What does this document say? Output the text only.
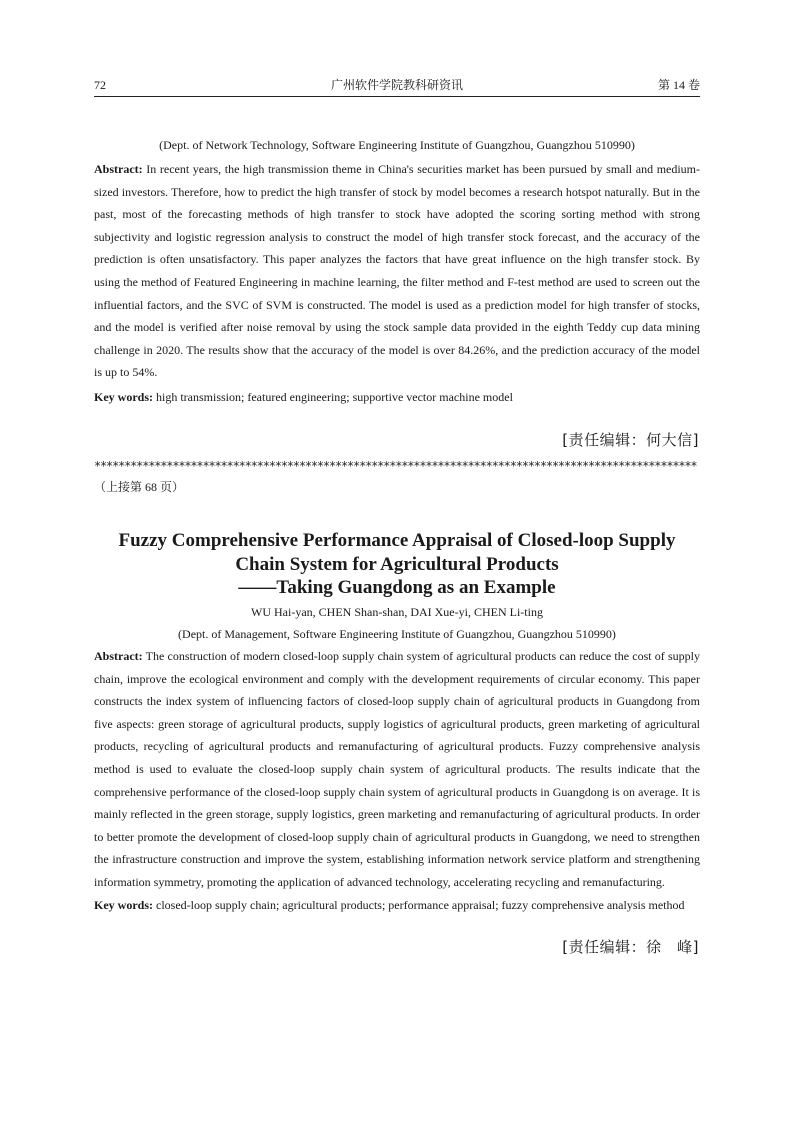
72	广州软件学院教科研资讯	第 14 卷
(Dept. of Network Technology, Software Engineering Institute of Guangzhou, Guangzhou 510990)

Abstract: In recent years, the high transmission theme in China's securities market has been pursued by small and medium-sized investors. Therefore, how to predict the high transfer of stock by model becomes a research hotspot naturally. But in the past, most of the forecasting methods of high transfer to stock have adopted the scoring sorting method with strong subjectivity and logistic regression analysis to construct the model of high transfer stock forecast, and the accuracy of the prediction is often unsatisfactory. This paper analyzes the factors that have great influence on the high transfer stock. By using the method of Featured Engineering in machine learning, the filter method and F-test method are used to screen out the influential factors, and the SVC of SVM is constructed. The model is used as a prediction model for high transfer of stocks, and the model is verified after noise removal by using the stock sample data provided in the eighth Teddy cup data mining challenge in 2020. The results show that the accuracy of the model is over 84.26%, and the prediction accuracy of the model is up to 54%.

Key words: high transmission; featured engineering; supportive vector machine model
[责任编辑：何大信]
****************************************************************************************************
（上接第 68 页）
Fuzzy Comprehensive Performance Appraisal of Closed-loop Supply
Chain System for Agricultural Products
——Taking Guangdong as an Example
WU Hai-yan, CHEN Shan-shan, DAI Xue-yi, CHEN Li-ting
(Dept. of Management, Software Engineering Institute of Guangzhou, Guangzhou 510990)

Abstract: The construction of modern closed-loop supply chain system of agricultural products can reduce the cost of supply chain, improve the ecological environment and comply with the development requirements of circular economy. This paper constructs the index system of influencing factors of closed-loop supply chain of agricultural products in Guangdong from five aspects: green storage of agricultural products, supply logistics of agricultural products, green marketing of agricultural products, recycling of agricultural products and remanufacturing of agricultural products. Fuzzy comprehensive analysis method is used to evaluate the closed-loop supply chain system of agricultural products. The results indicate that the comprehensive performance of the closed-loop supply chain system of agricultural products in Guangdong is on average. It is mainly reflected in the green storage, supply logistics, green marketing and remanufacturing of agricultural products. In order to better promote the development of closed-loop supply chain of agricultural products in Guangdong, we need to strengthen the infrastructure construction and improve the system, establishing information network service platform and strengthening information symmetry, promoting the application of advanced technology, accelerating recycling and remanufacturing.

Key words: closed-loop supply chain; agricultural products; performance appraisal; fuzzy comprehensive analysis method
[责任编辑：徐　峰]
